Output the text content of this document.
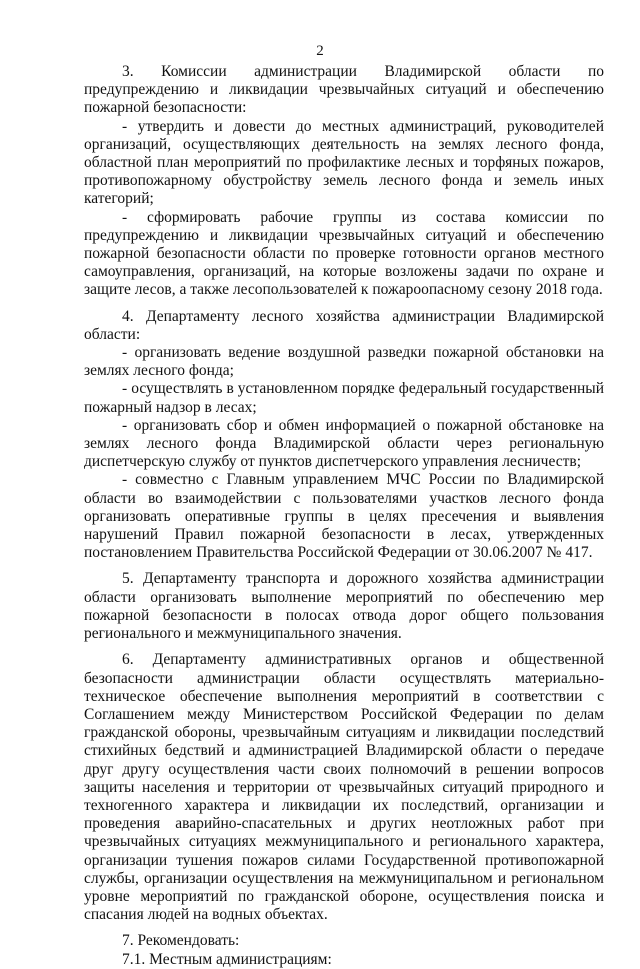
2
3. Комиссии администрации Владимирской области по предупреждению и ликвидации чрезвычайных ситуаций и обеспечению пожарной безопасности:
- утвердить и довести до местных администраций, руководителей организаций, осуществляющих деятельность на землях лесного фонда, областной план мероприятий по профилактике лесных и торфяных пожаров, противопожарному обустройству земель лесного фонда и земель иных категорий;
- сформировать рабочие группы из состава комиссии по предупреждению и ликвидации чрезвычайных ситуаций и обеспечению пожарной безопасности области по проверке готовности органов местного самоуправления, организаций, на которые возложены задачи по охране и защите лесов, а также лесопользователей к пожароопасному сезону 2018 года.
4. Департаменту лесного хозяйства администрации Владимирской области:
- организовать ведение воздушной разведки пожарной обстановки на землях лесного фонда;
- осуществлять в установленном порядке федеральный государственный пожарный надзор в лесах;
- организовать сбор и обмен информацией о пожарной обстановке на землях лесного фонда Владимирской области через региональную диспетчерскую службу от пунктов диспетчерского управления лесничеств;
- совместно с Главным управлением МЧС России по Владимирской области во взаимодействии с пользователями участков лесного фонда организовать оперативные группы в целях пресечения и выявления нарушений Правил пожарной безопасности в лесах, утвержденных постановлением Правительства Российской Федерации от 30.06.2007 № 417.
5. Департаменту транспорта и дорожного хозяйства администрации области организовать выполнение мероприятий по обеспечению мер пожарной безопасности в полосах отвода дорог общего пользования регионального и межмуниципального значения.
6. Департаменту административных органов и общественной безопасности администрации области осуществлять материально-техническое обеспечение выполнения мероприятий в соответствии с Соглашением между Министерством Российской Федерации по делам гражданской обороны, чрезвычайным ситуациям и ликвидации последствий стихийных бедствий и администрацией Владимирской области о передаче друг другу осуществления части своих полномочий в решении вопросов защиты населения и территории от чрезвычайных ситуаций природного и техногенного характера и ликвидации их последствий, организации и проведения аварийно-спасательных и других неотложных работ при чрезвычайных ситуациях межмуниципального и регионального характера, организации тушения пожаров силами Государственной противопожарной службы, организации осуществления на межмуниципальном и региональном уровне мероприятий по гражданской обороне, осуществления поиска и спасания людей на водных объектах.
7. Рекомендовать:
7.1. Местным администрациям:
